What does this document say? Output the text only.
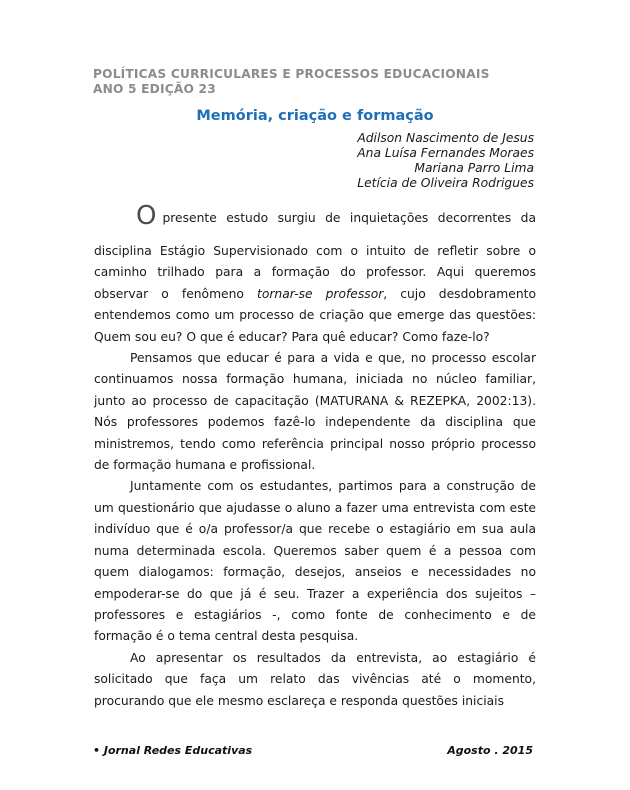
POLÍTICAS CURRICULARES E PROCESSOS EDUCACIONAIS
ANO 5 EDIÇÃO 23
Memória, criação e formação
Adilson Nascimento de Jesus
Ana Luísa Fernandes Moraes
Mariana Parro Lima
Letícia de Oliveira Rodrigues

Opresente estudo surgiu de inquietações decorrentes da
disciplina Estágio Supervisionado com o intuito de refletir sobre o caminho trilhado para a formação do professor. Aqui queremos observar o fenômeno tornar-se professor, cujo desdobramento entendemos como um processo de criação que emerge das questões: Quem sou eu? O que é educar? Para quê educar? Como faze-lo?

Pensamos que educar é para a vida e que, no processo escolar continuamos nossa formação humana, iniciada no núcleo familiar, junto ao processo de capacitação (MATURANA & REZEPKA, 2002:13). Nós professores podemos fazê-lo independente da disciplina que ministremos, tendo como referência principal nosso próprio processo de formação humana e profissional.

Juntamente com os estudantes, partimos para a construção de um questionário que ajudasse o aluno a fazer uma entrevista com este indivíduo que é o/a professor/a que recebe o estagiário em sua aula numa determinada escola. Queremos saber quem é a pessoa com quem dialogamos: formação, desejos, anseios e necessidades no empoderar-se do que já é seu. Trazer a experiência dos sujeitos – professores e estagiários -, como fonte de conhecimento e de formação é o tema central desta pesquisa.

Ao apresentar os resultados da entrevista, ao estagiário é solicitado que faça um relato das vivências até o momento, procurando que ele mesmo esclareça e responda questões iniciais

• Jornal Redes Educativas	Agosto . 2015
